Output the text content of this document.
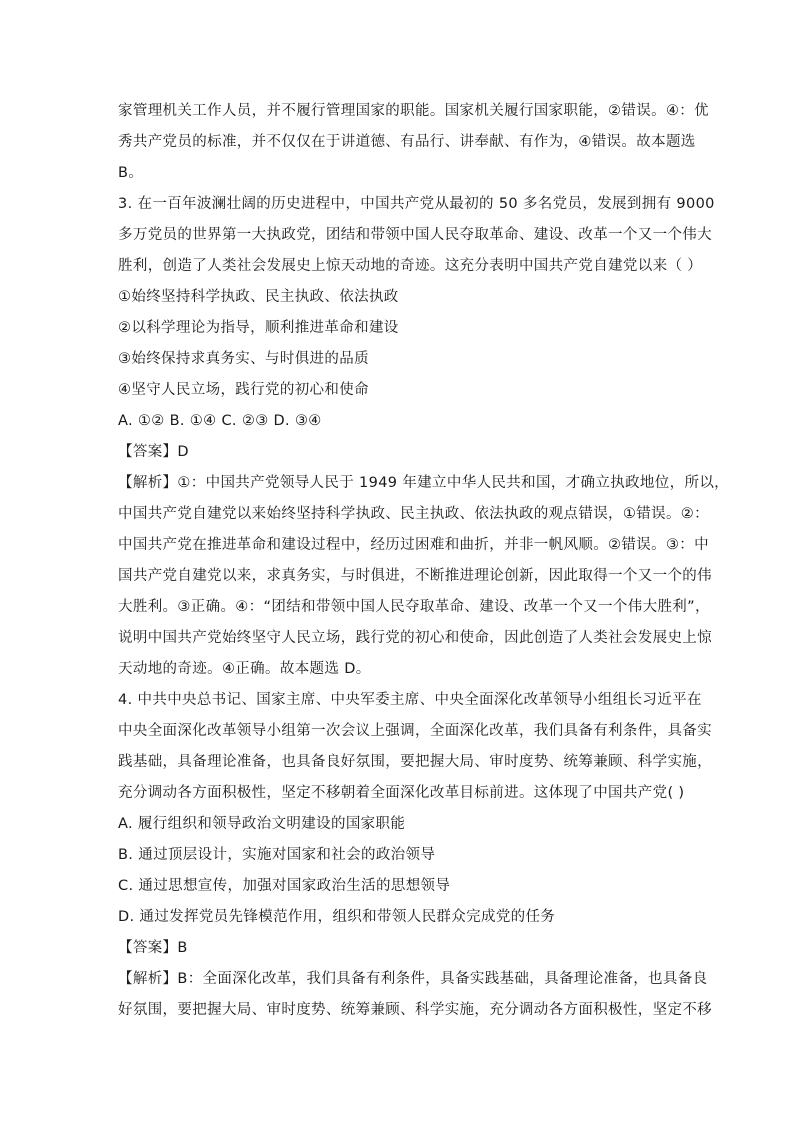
家管理机关工作人员，并不履行管理国家的职能。国家机关履行国家职能，②错误。④：优
秀共产党员的标准，并不仅仅在于讲道德、有品行、讲奉献、有作为，④错误。故本题选
B。
3. 在一百年波澜壮阔的历史进程中，中国共产党从最初的 50 多名党员，发展到拥有 9000
多万党员的世界第一大执政党，团结和带领中国人民夺取革命、建设、改革一个又一个伟大
胜利，创造了人类社会发展史上惊天动地的奇迹。这充分表明中国共产党自建党以来（ ）
①始终坚持科学执政、民主执政、依法执政
②以科学理论为指导，顺利推进革命和建设
③始终保持求真务实、与时俱进的品质
④坚守人民立场，践行党的初心和使命
A. ①② B. ①④ C. ②③ D. ③④
【答案】D
【解析】①：中国共产党领导人民于 1949 年建立中华人民共和国，才确立执政地位，所以，
中国共产党自建党以来始终坚持科学执政、民主执政、依法执政的观点错误，①错误。②：
中国共产党在推进革命和建设过程中，经历过困难和曲折，并非一帆风顺。②错误。③：中
国共产党自建党以来，求真务实，与时俱进，不断推进理论创新，因此取得一个又一个的伟
大胜利。③正确。④：“团结和带领中国人民夺取革命、建设、改革一个又一个伟大胜利”，
说明中国共产党始终坚守人民立场，践行党的初心和使命，因此创造了人类社会发展史上惊
天动地的奇迹。④正确。故本题选 D。
4. 中共中央总书记、国家主席、中央军委主席、中央全面深化改革领导小组组长习近平在
中央全面深化改革领导小组第一次会议上强调，全面深化改革，我们具备有利条件，具备实
践基础，具备理论准备，也具备良好氛围，要把握大局、审时度势、统筹兼顾、科学实施，
充分调动各方面积极性，坚定不移朝着全面深化改革目标前进。这体现了中国共产党( )
A. 履行组织和领导政治文明建设的国家职能
B. 通过顶层设计，实施对国家和社会的政治领导
C. 通过思想宣传，加强对国家政治生活的思想领导
D. 通过发挥党员先锋模范作用，组织和带领人民群众完成党的任务
【答案】B
【解析】B：全面深化改革，我们具备有利条件，具备实践基础，具备理论准备，也具备良
好氛围，要把握大局、审时度势、统筹兼顾、科学实施，充分调动各方面积极性，坚定不移
